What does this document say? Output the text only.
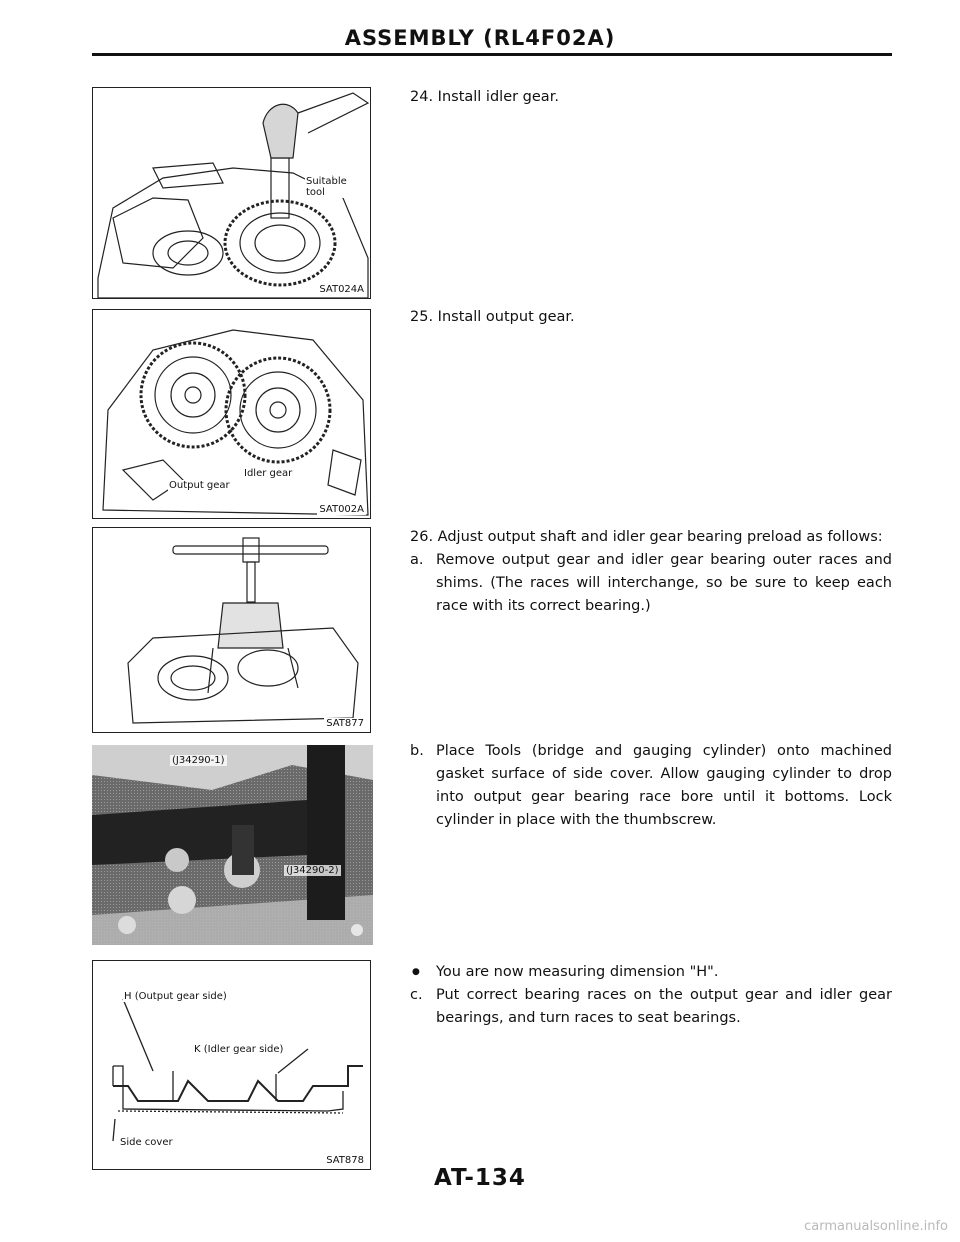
ASSEMBLY (RL4F02A)
Suitable tool
SAT024A
Idler gear
Output gear
SAT002A
SAT877
(J34290-1)
(J34290-2)
H (Output gear side)
K (Idler gear side)
Side cover
SAT878

24. Install idler gear.

25. Install output gear.

26. Adjust output shaft and idler gear bearing preload as follows:

a. Remove output gear and idler gear bearing outer races and shims. (The races will interchange, so be sure to keep each race with its correct bearing.)
b. Place Tools (bridge and gauging cylinder) onto machined gasket surface of side cover. Allow gauging cylinder to drop into output gear bearing race bore until it bottoms. Lock cylinder in place with the thumbscrew.
● You are now measuring dimension "H".
c. Put correct bearing races on the output gear and idler gear bearings, and turn races to seat bearings.
AT-134
carmanualsonline.info
